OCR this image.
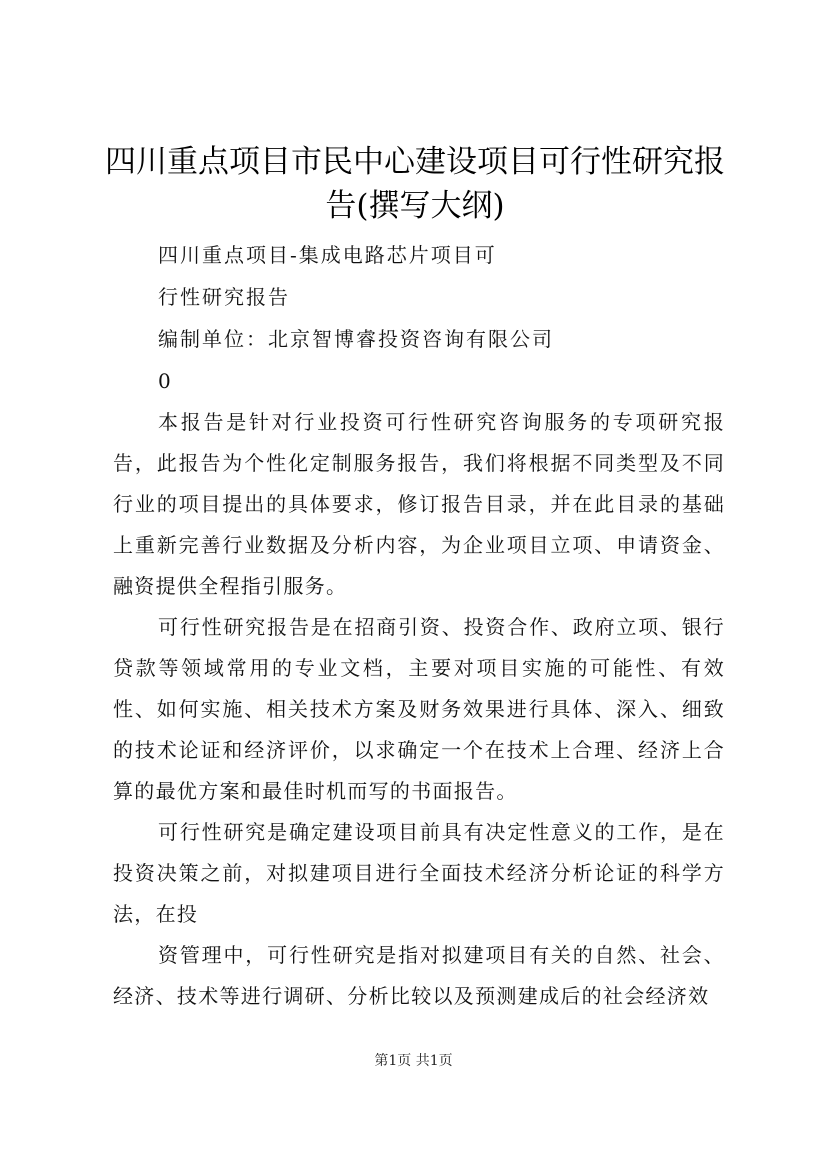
四川重点项目市民中心建设项目可行性研究报
告(撰写大纲)
四川重点项目-集成电路芯片项目可
行性研究报告
编制单位：北京智博睿投资咨询有限公司
0

本报告是针对行业投资可行性研究咨询服务的专项研究报告，此报告为个性化定制服务报告，我们将根据不同类型及不同行业的项目提出的具体要求，修订报告目录，并在此目录的基础上重新完善行业数据及分析内容，为企业项目立项、申请资金、融资提供全程指引服务。

可行性研究报告是在招商引资、投资合作、政府立项、银行贷款等领域常用的专业文档，主要对项目实施的可能性、有效性、如何实施、相关技术方案及财务效果进行具体、深入、细致的技术论证和经济评价，以求确定一个在技术上合理、经济上合算的最优方案和最佳时机而写的书面报告。

可行性研究是确定建设项目前具有决定性意义的工作，是在投资决策之前，对拟建项目进行全面技术经济分析论证的科学方法，在投

资管理中，可行性研究是指对拟建项目有关的自然、社会、经济、技术等进行调研、分析比较以及预测建成后的社会经济效

第1页 共1页
